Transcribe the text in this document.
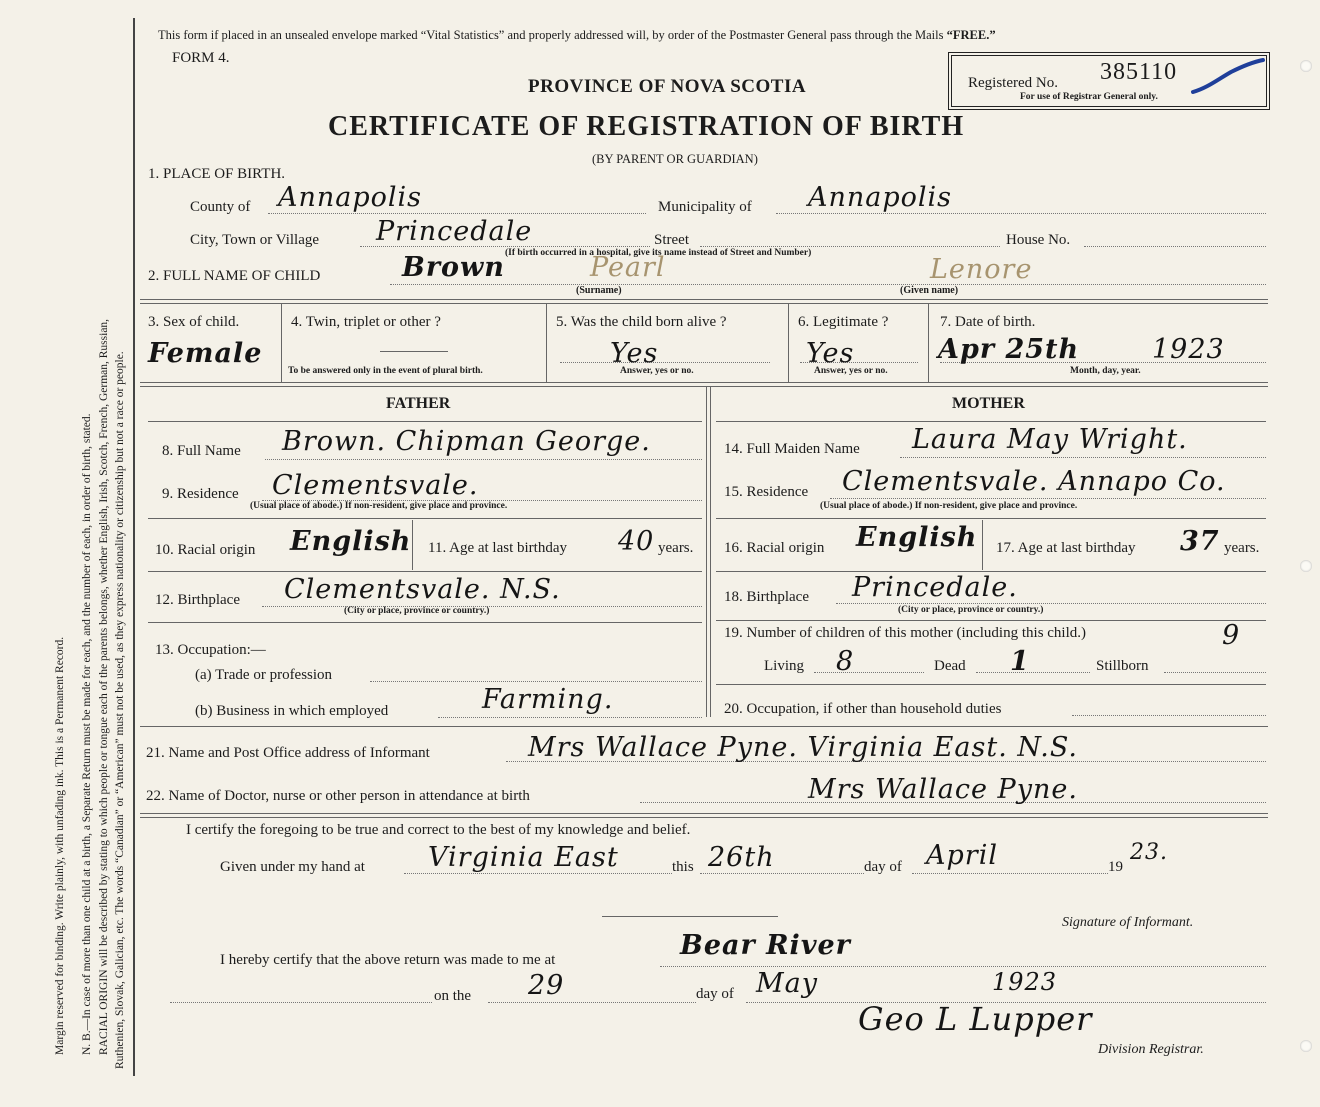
Margin reserved for binding. Write plainly, with unfading ink. This is a Permanent Record. N. B.—In case of more than one child at a birth, a Separate Return must be made for each, and the number of each, in order of birth, stated. RACIAL ORIGIN will be described by stating to which people or tongue each of the parents belongs, whether English, Irish, Scotch, French, German, Russian, Ruthenien, Slovak, Galician, etc. The words “Canadian” or “American” must not be used, as they express nationality or citizenship but not a race or people.
This form if placed in an unsealed envelope marked “Vital Statistics” and properly addressed will, by order of the Postmaster General pass through the Mails “FREE.”
FORM 4.
PROVINCE OF NOVA SCOTIA
CERTIFICATE OF REGISTRATION OF BIRTH
(BY PARENT OR GUARDIAN)
Registered No. 385110
For use of Registrar General only.
1. PLACE OF BIRTH.
County of Annapolis	Municipality of Annapolis
City, Town or Village Princedale	Street	House No.
(If birth occurred in a hospital, give its name instead of Street and Number)
2. FULL NAME OF CHILD	Brown	Pearl	Lenore
(Surname)	(Given name)
3. Sex of child.
Female
4. Twin, triplet or other ?
To be answered only in the event of plural birth.
5. Was the child born alive ?
Yes
Answer, yes or no.
6. Legitimate ?
Yes
Answer, yes or no.
7. Date of birth.
Apr 25th	1923
Month, day, year.
FATHER	MOTHER
8. Full Name Brown. Chipman George.
9. Residence Clementsvale.
(Usual place of abode.) If non-resident, give place and province.
10. Racial origin English 11. Age at last birthday 40 years.
12. Birthplace Clementsvale. N.S.
(City or place, province or country.)
13. Occupation:—
(a) Trade or profession
(b) Business in which employed	Farming.
14. Full Maiden Name Laura May Wright.
15. Residence Clementsvale. Annapo Co.
(Usual place of abode.) If non-resident, give place and province.
16. Racial origin English 17. Age at last birthday 37 years.
18. Birthplace Princedale.
(City or place, province or country.)
19. Number of children of this mother (including this child.)	9
Living 8	Dead 1	Stillborn
20. Occupation, if other than household duties
21. Name and Post Office address of Informant	Mrs Wallace Pyne. Virginia East. N.S.
22. Name of Doctor, nurse or other person in attendance at birth	Mrs Wallace Pyne.
I certify the foregoing to be true and correct to the best of my knowledge and belief.
Given under my hand at Virginia East	this 26th	day of April	19
23.
Signature of Informant.
I hereby certify that the above return was made to me at	Bear River
on the 29	day of May	1923
Geo L Lupper
Division Registrar.
